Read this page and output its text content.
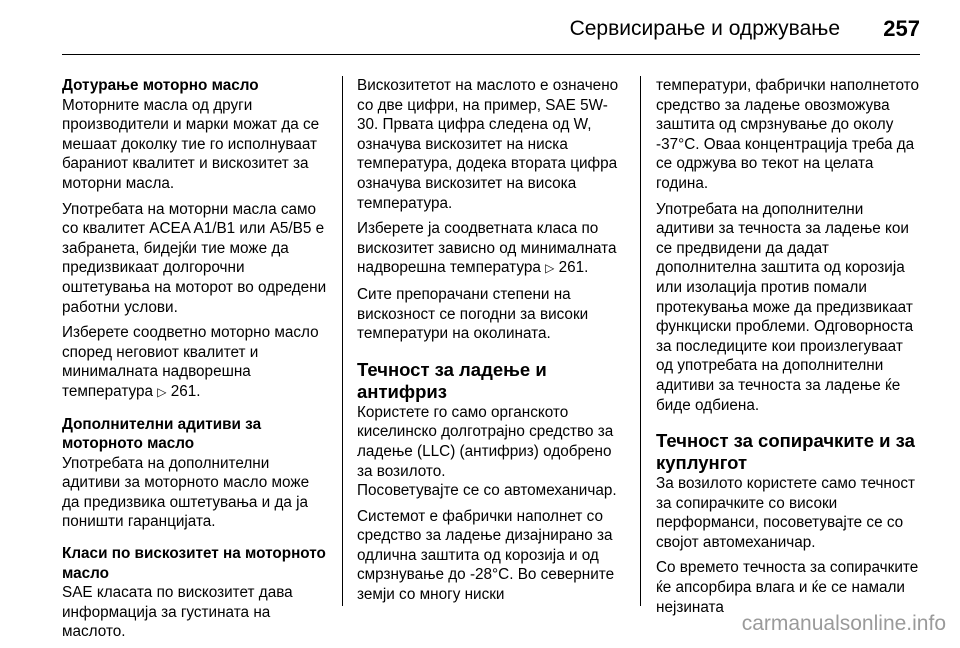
Сервисирање и одржување 257
Дотурање моторно масло

Моторните масла од други производители и марки можат да се мешаат доколку тие го исполнуваат бараниот квалитет и вискозитет за моторни масла.

Употребата на моторни масла само со квалитет ACEA A1/B1 или A5/B5 е забранета, бидејќи тие може да предизвикаат долгорочни оштетувања на моторот во одредени работни услови.

Изберете соодветно моторно масло според неговиот квалитет и минималната надворешна температура ▷ 261.

Дополнителни адитиви за моторното масло

Употребата на дополнителни адитиви за моторното масло може да предизвика оштетувања и да ја поништи гаранцијата.

Класи по вискозитет на моторното масло

SAE класата по вискозитет дава информација за густината на маслото.

Вискозитетот на маслото е означено со две цифри, на пример, SAE 5W-30. Првата цифра следена од W, означува вискозитет на ниска температура, додека втората цифра означува вискозитет на висока температура.

Изберете ја соодветната класа по вискозитет зависно од минималната надворешна температура ▷ 261.

Сите препорачани степени на вискозност се погодни за високи температури на околината.

Течност за ладење и антифриз

Користете го само органското киселинско долготрајно средство за ладење (LLC) (антифриз) одобрено за возилото.

Посоветувајте се со автомеханичар.

Системот е фабрички наполнет со средство за ладење дизајнирано за одлична заштита од корозија и од смрзнување до -28°C. Во северните земји со многу ниски

температури, фабрички наполнетото средство за ладење овозможува заштита од смрзнување до околу -37°C. Оваа концентрација треба да се одржува во текот на целата година.

Употребата на дополнителни адитиви за течноста за ладење кои се предвидени да дадат дополнителна заштита од корозија или изолација против помали протекувања може да предизвикаат функциски проблеми. Одговорноста за последиците кои произлегуваат од употребата на дополнителни адитиви за течноста за ладење ќе биде одбиена.

Течност за сопирачките и за куплунгот

За возилото користете само течност за сопирачките со високи перформанси, посоветувајте се со својот автомеханичар.

Со времето течноста за сопирачките ќе апсорбира влага и ќе се намали нејзината

carmanualsonline.info
